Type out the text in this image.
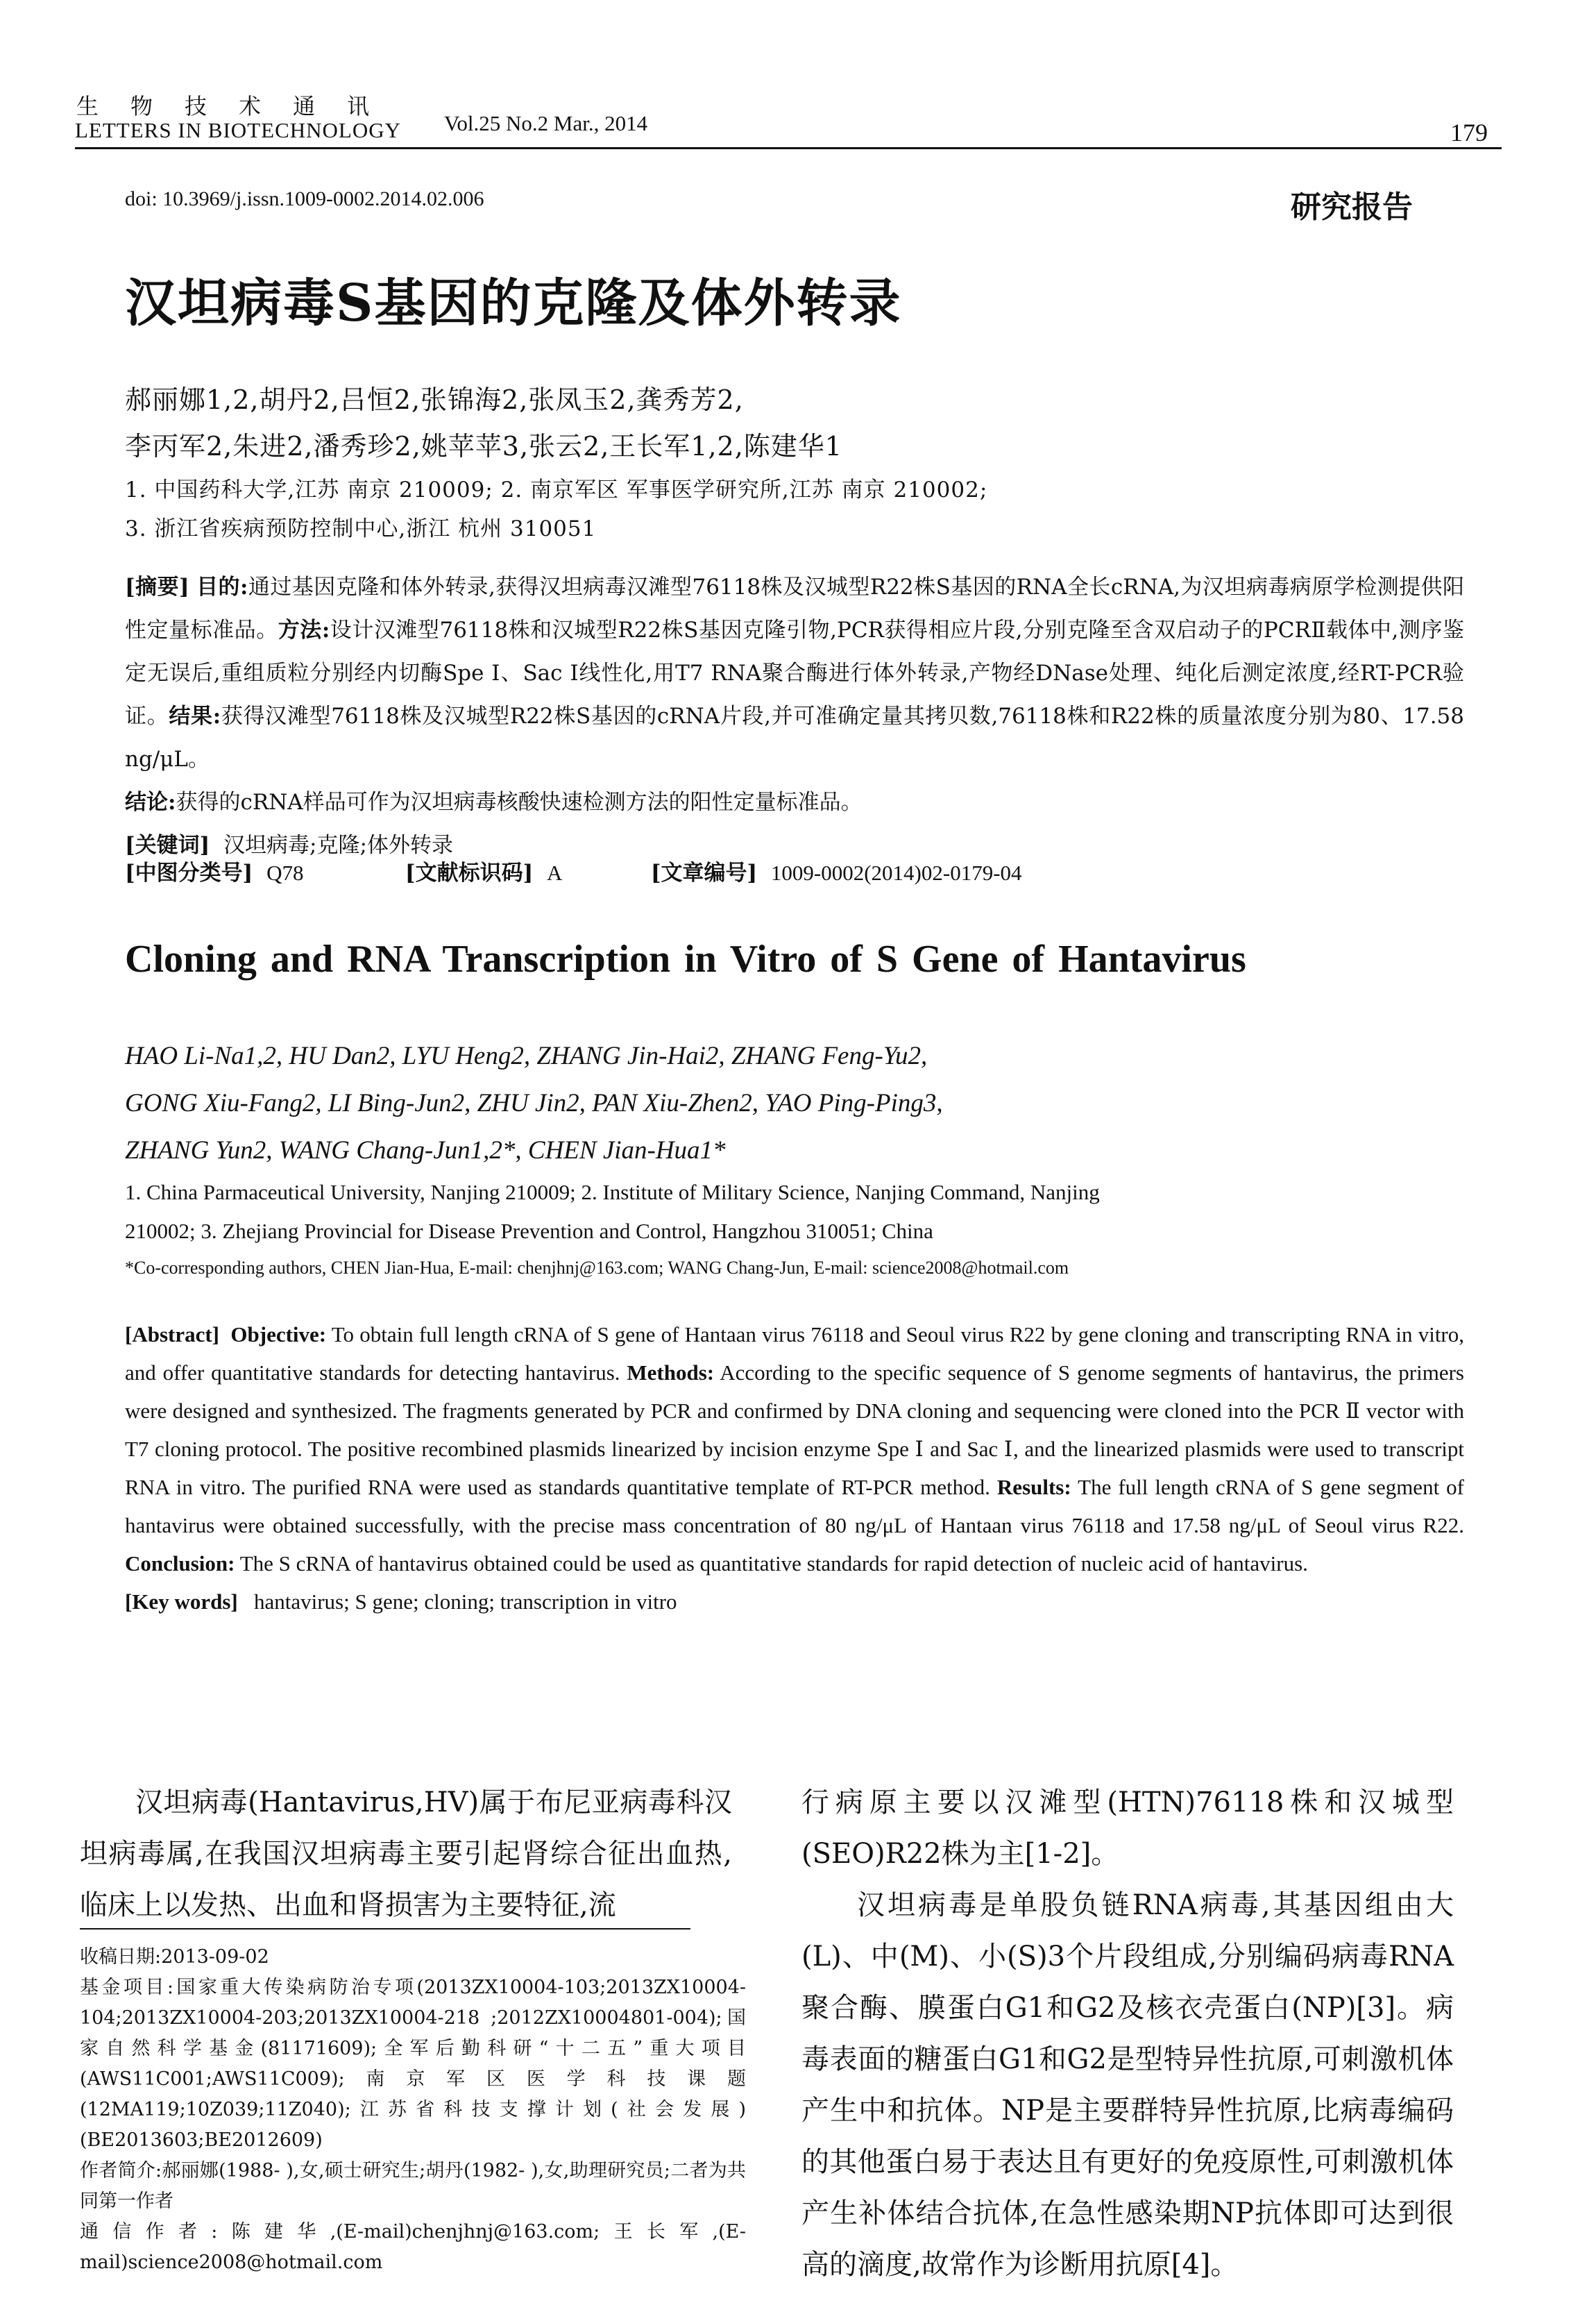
生物技术通讯
LETTERS IN BIOTECHNOLOGY Vol.25 No.2 Mar., 2014	179
doi: 10.3969/j.issn.1009-0002.2014.02.006	研究报告
汉坦病毒S基因的克隆及体外转录
郝丽娜1,2,胡丹2,吕恒2,张锦海2,张凤玉2,龚秀芳2,
李丙军2,朱进2,潘秀珍2,姚苹苹3,张云2,王长军1,2,陈建华1
1. 中国药科大学,江苏 南京 210009; 2. 南京军区 军事医学研究所,江苏 南京 210002;
3. 浙江省疾病预防控制中心,浙江 杭州 310051
[摘要] 目的:通过基因克隆和体外转录,获得汉坦病毒汉滩型76118株及汉城型R22株S基因的RNA全长cRNA,为汉坦病毒病原学检测提供阳性定量标准品。方法:设计汉滩型76118株和汉城型R22株S基因克隆引物,PCR获得相应片段,分别克隆至含双启动子的PCRⅡ载体中,测序鉴定无误后,重组质粒分别经内切酶Spe Ⅰ、Sac Ⅰ线性化,用T7 RNA聚合酶进行体外转录,产物经DNase处理、纯化后测定浓度,经RT-PCR验证。结果:获得汉滩型76118株及汉城型R22株S基因的cRNA片段,并可准确定量其拷贝数,76118株和R22株的质量浓度分别为80、17.58 ng/μL。
结论:获得的cRNA样品可作为汉坦病毒核酸快速检测方法的阳性定量标准品。
[关键词] 汉坦病毒;克隆;体外转录
[中图分类号] Q78	[文献标识码] A	[文章编号] 1009-0002(2014)02-0179-04
Cloning and RNA Transcription in Vitro of S Gene of Hantavirus
HAO Li-Na1,2, HU Dan2, LYU Heng2, ZHANG Jin-Hai2, ZHANG Feng-Yu2,
GONG Xiu-Fang2, LI Bing-Jun2, ZHU Jin2, PAN Xiu-Zhen2, YAO Ping-Ping3,
ZHANG Yun2, WANG Chang-Jun1,2*, CHEN Jian-Hua1*
1. China Parmaceutical University, Nanjing 210009; 2. Institute of Military Science, Nanjing Command, Nanjing
210002; 3. Zhejiang Provincial for Disease Prevention and Control, Hangzhou 310051; China
*Co-corresponding authors, CHEN Jian-Hua, E-mail: chenjhnj@163.com; WANG Chang-Jun, E-mail: science2008@hotmail.com
[Abstract] Objective: To obtain full length cRNA of S gene of Hantaan virus 76118 and Seoul virus R22 by gene cloning and transcripting RNA in vitro, and offer quantitative standards for detecting hantavirus. Methods: According to the specific sequence of S genome segments of hantavirus, the primers were designed and synthesized. The fragments generated by PCR and confirmed by DNA cloning and sequencing were cloned into the PCR Ⅱ vector with T7 cloning protocol. The positive recombined plasmids linearized by incision enzyme Spe Ⅰ and Sac Ⅰ, and the linearized plasmids were used to transcript RNA in vitro. The purified RNA were used as standards quantitative template of RT-PCR method. Results: The full length cRNA of S gene segment of hantavirus were obtained successfully, with the precise mass concentration of 80 ng/μL of Hantaan virus 76118 and 17.58 ng/μL of Seoul virus R22. Conclusion: The S cRNA of hantavirus obtained could be used as quantitative standards for rapid detection of nucleic acid of hantavirus.
[Key words] hantavirus; S gene; cloning; transcription in vitro
汉坦病毒(Hantavirus,HV)属于布尼亚病毒科汉坦病毒属,在我国汉坦病毒主要引起肾综合征出血热,临床上以发热、出血和肾损害为主要特征,流
行病原主要以汉滩型(HTN)76118株和汉城型(SEO)R22株为主[1-2]。
汉坦病毒是单股负链RNA病毒,其基因组由大(L)、中(M)、小(S)3个片段组成,分别编码病毒RNA聚合酶、膜蛋白G1和G2及核衣壳蛋白(NP)[3]。病毒表面的糖蛋白G1和G2是型特异性抗原,可刺激机体产生中和抗体。NP是主要群特异性抗原,比病毒编码的其他蛋白易于表达且有更好的免疫原性,可刺激机体产生补体结合抗体,在急性感染期NP抗体即可达到很高的滴度,故常作为诊断用抗原[4]。
收稿日期:2013-09-02
基金项目:国家重大传染病防治专项(2013ZX10004-103;2013ZX10004-104;2013ZX10004-203;2013ZX10004-218 ;2012ZX10004801-004);国家自然科学基金(81171609);全军后勤科研“十二五”重大项目(AWS11C001;AWS11C009);南京军区医学科技课题(12MA119;10Z039;11Z040);江苏省科技支撑计划(社会发展)(BE2013603;BE2012609)
作者简介:郝丽娜(1988- ),女,硕士研究生;胡丹(1982- ),女,助理研究员;二者为共同第一作者
通信作者:陈建华,(E-mail)chenjhnj@163.com;王长军,(E-mail)science2008@hotmail.com
